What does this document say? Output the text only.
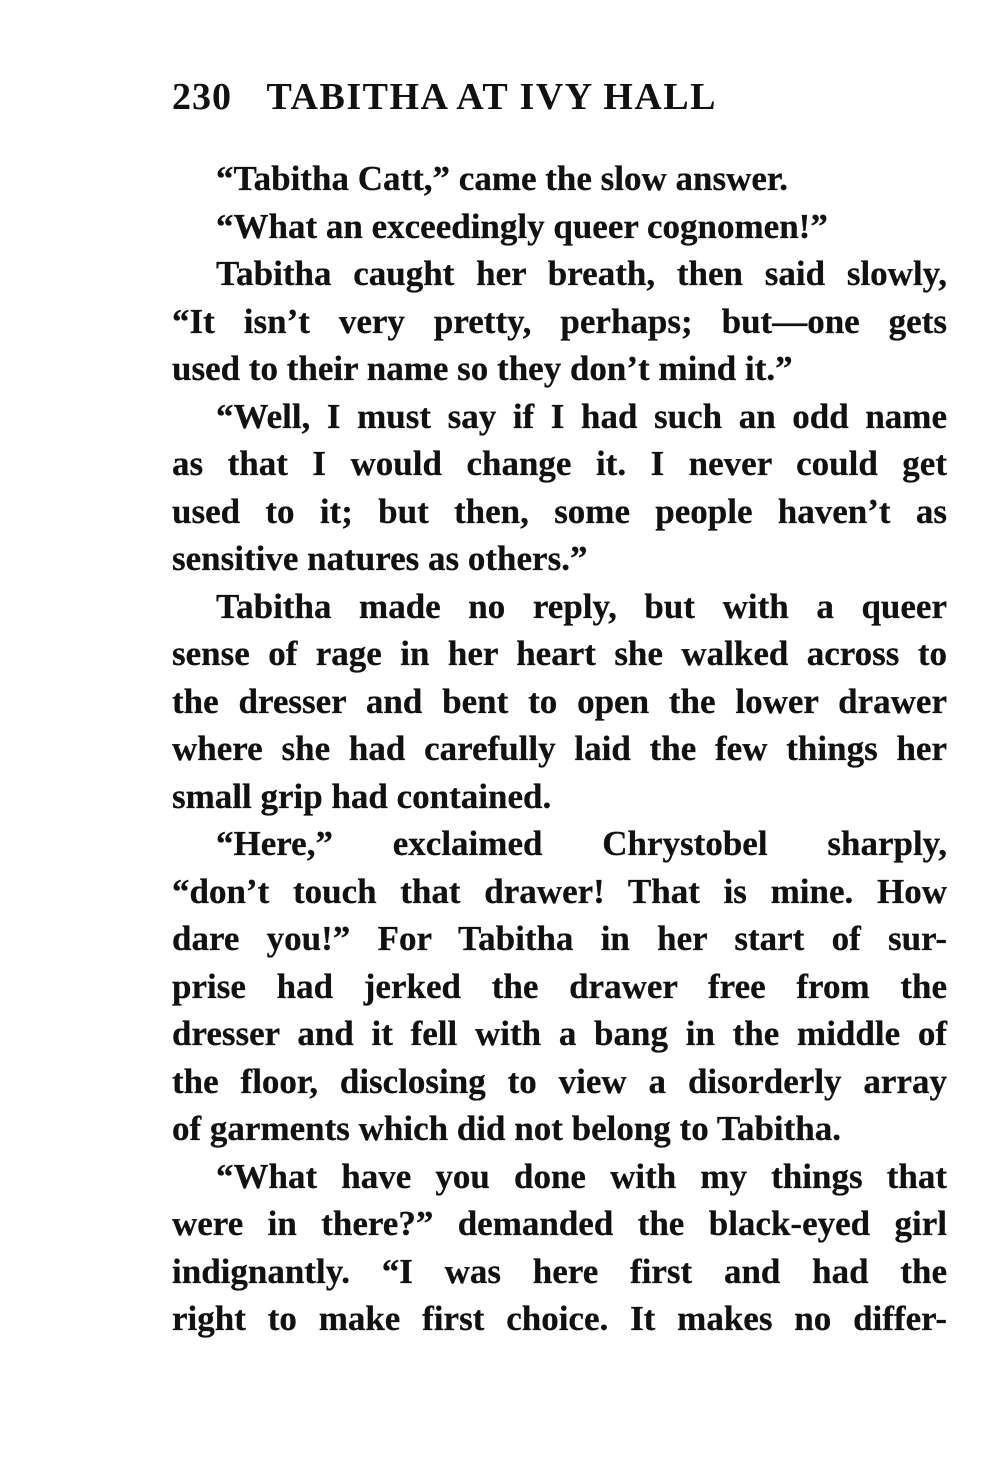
230 TABITHA AT IVY HALL
“Tabitha Catt,” came the slow answer.
“What an exceedingly queer cognomen!”
Tabitha caught her breath, then said slowly,
“It isn’t very pretty, perhaps; but—one gets
used to their name so they don’t mind it.”
“Well, I must say if I had such an odd name
as that I would change it. I never could get
used to it; but then, some people haven’t as
sensitive natures as others.”
Tabitha made no reply, but with a queer
sense of rage in her heart she walked across to
the dresser and bent to open the lower drawer
where she had carefully laid the few things her
small grip had contained.
“Here,” exclaimed Chrystobel sharply,
“don’t touch that drawer! That is mine. How
dare you!” For Tabitha in her start of sur-
prise had jerked the drawer free from the
dresser and it fell with a bang in the middle of
the floor, disclosing to view a disorderly array
of garments which did not belong to Tabitha.
“What have you done with my things that
were in there?” demanded the black-eyed girl
indignantly. “I was here first and had the
right to make first choice. It makes no differ-
